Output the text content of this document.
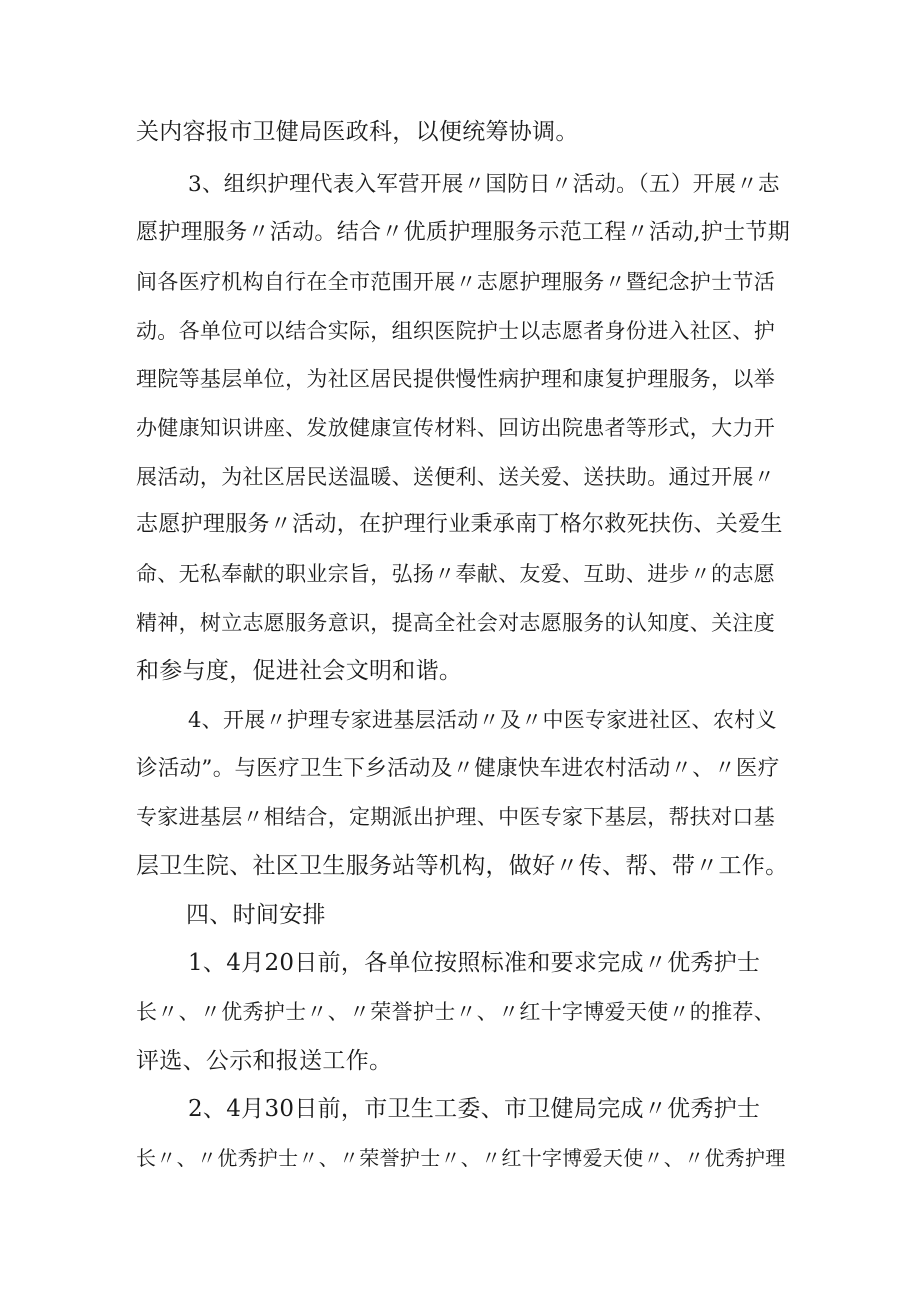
关内容报市卫健局医政科，以便统筹协调。
3、组织护理代表入军营开展〃国防日〃活动。（五）开展〃志
愿护理服务〃活动。结合〃优质护理服务示范工程〃活动,护士节期
间各医疗机构自行在全市范围开展〃志愿护理服务〃暨纪念护士节活
动。各单位可以结合实际，组织医院护士以志愿者身份进入社区、护
理院等基层单位，为社区居民提供慢性病护理和康复护理服务，以举
办健康知识讲座、发放健康宣传材料、回访出院患者等形式，大力开
展活动，为社区居民送温暖、送便利、送关爱、送扶助。通过开展〃
志愿护理服务〃活动，在护理行业秉承南丁格尔救死扶伤、关爱生
命、无私奉献的职业宗旨，弘扬〃奉献、友爱、互助、进步〃的志愿
精神，树立志愿服务意识，提高全社会对志愿服务的认知度、关注度
和参与度，促进社会文明和谐。
4、开展〃护理专家进基层活动〃及〃中医专家进社区、农村义
诊活动”。与医疗卫生下乡活动及〃健康快车进农村活动〃、〃医疗
专家进基层〃相结合，定期派出护理、中医专家下基层，帮扶对口基
层卫生院、社区卫生服务站等机构，做好〃传、帮、带〃工作。
四、时间安排
1、4月20日前，各单位按照标准和要求完成〃优秀护士
长〃、〃优秀护士〃、〃荣誉护士〃、〃红十字博爱天使〃的推荐、
评选、公示和报送工作。
2、4月30日前，市卫生工委、市卫健局完成〃优秀护士
长〃、〃优秀护士〃、〃荣誉护士〃、〃红十字博爱天使〃、〃优秀护理
